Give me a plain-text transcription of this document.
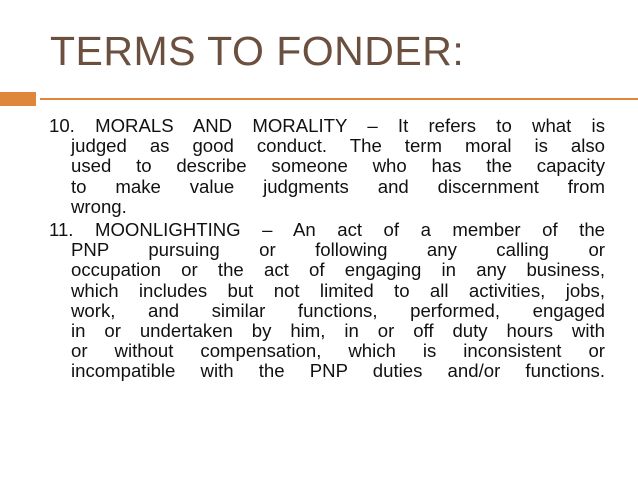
TERMS TO FONDER:
10. MORALS AND MORALITY – It refers to what is
judged as good conduct. The term moral is also
used to describe someone who has the capacity
to make value judgments and discernment from
wrong.
11. MOONLIGHTING – An act of a member of the
PNP pursuing or following any calling or
occupation or the act of engaging in any business,
which includes but not limited to all activities, jobs,
work, and similar functions, performed, engaged
in or undertaken by him, in or off duty hours with
or without compensation, which is inconsistent or
incompatible with the PNP duties and/or functions.
